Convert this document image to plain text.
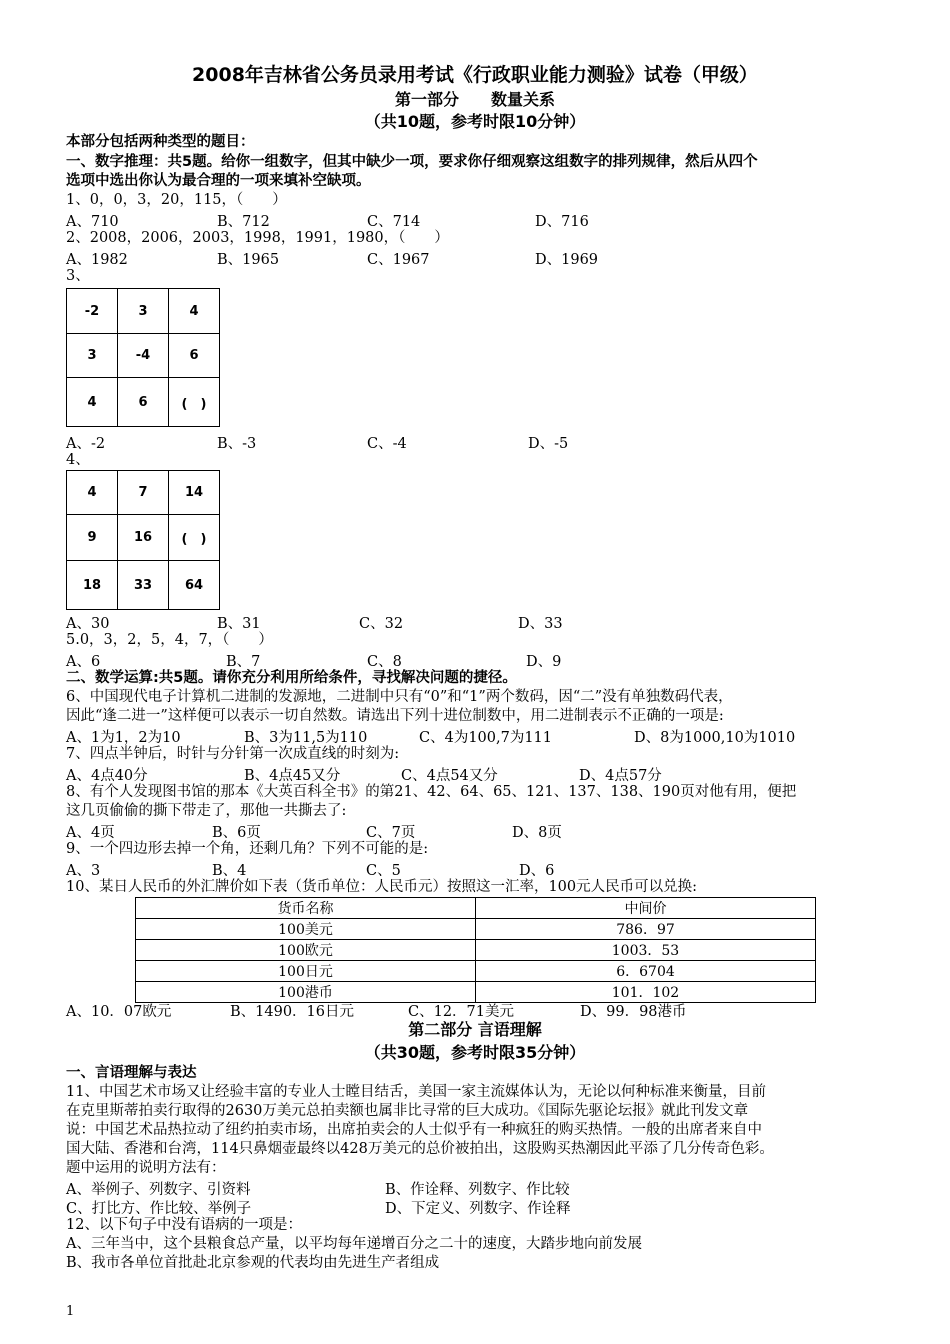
2008年吉林省公务员录用考试《行政职业能力测验》试卷（甲级）
第一部分　　数量关系
（共10题，参考时限10分钟）
本部分包括两种类型的题目：
一、数字推理：共5题。给你一组数字，但其中缺少一项，要求你仔细观察这组数字的排列规律，然后从四个
选项中选出你认为最合理的一项来填补空缺项。
1、0，0，3，20，115，（　　）
A、710	B、712	C、714	D、716
2、2008，2006，2003，1998，1991，1980，（　　）
A、1982	B、1965	C、1967	D、1969
3、
-2	3	4
3	-4	6
4	6	(　)
A、-2	B、-3	C、-4	D、-5
4、
4	7	14
9	16	(　)
18	33	64
A、30	B、31	C、32	D、33
5.0，3，2，5，4，7，（　　）
A、6	B、7	C、8	D、9
二、数学运算:共5题。请你充分利用所给条件，寻找解决问题的捷径。
6、中国现代电子计算机二进制的发源地，二进制中只有“0”和“1”两个数码，因“二”没有单独数码代表，
因此“逢二进一”这样便可以表示一切自然数。请选出下列十进位制数中，用二进制表示不正确的一项是:
A、1为1，2为10	B、3为11,5为110	C、4为100,7为111	D、8为1000,10为1010
7、四点半钟后，时针与分针第一次成直线的时刻为:
A、4点40分	B、4点45又分	C、4点54又分	D、4点57分
8、有个人发现图书馆的那本《大英百科全书》的第21、42、64、65、121、137、138、190页对他有用，便把
这几页偷偷的撕下带走了，那他一共撕去了:
A、4页	B、6页	C、7页	D、8页
9、一个四边形去掉一个角，还剩几角？下列不可能的是:
A、3	B、4	C、5	D、6
10、某日人民币的外汇牌价如下表（货币单位：人民币元）按照这一汇率，100元人民币可以兑换:
货币名称	中间价
100美元	786．97
100欧元	1003．53
100日元	6．6704
100港币	101．102
A、10．07欧元	B、1490．16日元	C、12．71美元	D、99．98港币
第二部分 言语理解
（共30题，参考时限35分钟）
一、言语理解与表达
11、中国艺术市场又让经验丰富的专业人士瞠目结舌，美国一家主流媒体认为，无论以何种标准来衡量，目前
在克里斯蒂拍卖行取得的2630万美元总拍卖额也属非比寻常的巨大成功。《国际先驱论坛报》就此刊发文章
说：中国艺术品热拉动了纽约拍卖市场，出席拍卖会的人士似乎有一种疯狂的购买热情。一般的出席者来自中
国大陆、香港和台湾，114只鼻烟壶最终以428万美元的总价被拍出，这股购买热潮因此平添了几分传奇色彩。
题中运用的说明方法有：
A、举例子、列数字、引资料	B、作诠释、列数字、作比较
C、打比方、作比较、举例子	D、下定义、列数字、作诠释
12、以下句子中没有语病的一项是：
A、三年当中，这个县粮食总产量，以平均每年递增百分之二十的速度，大踏步地向前发展
B、我市各单位首批赴北京参观的代表均由先进生产者组成
1
